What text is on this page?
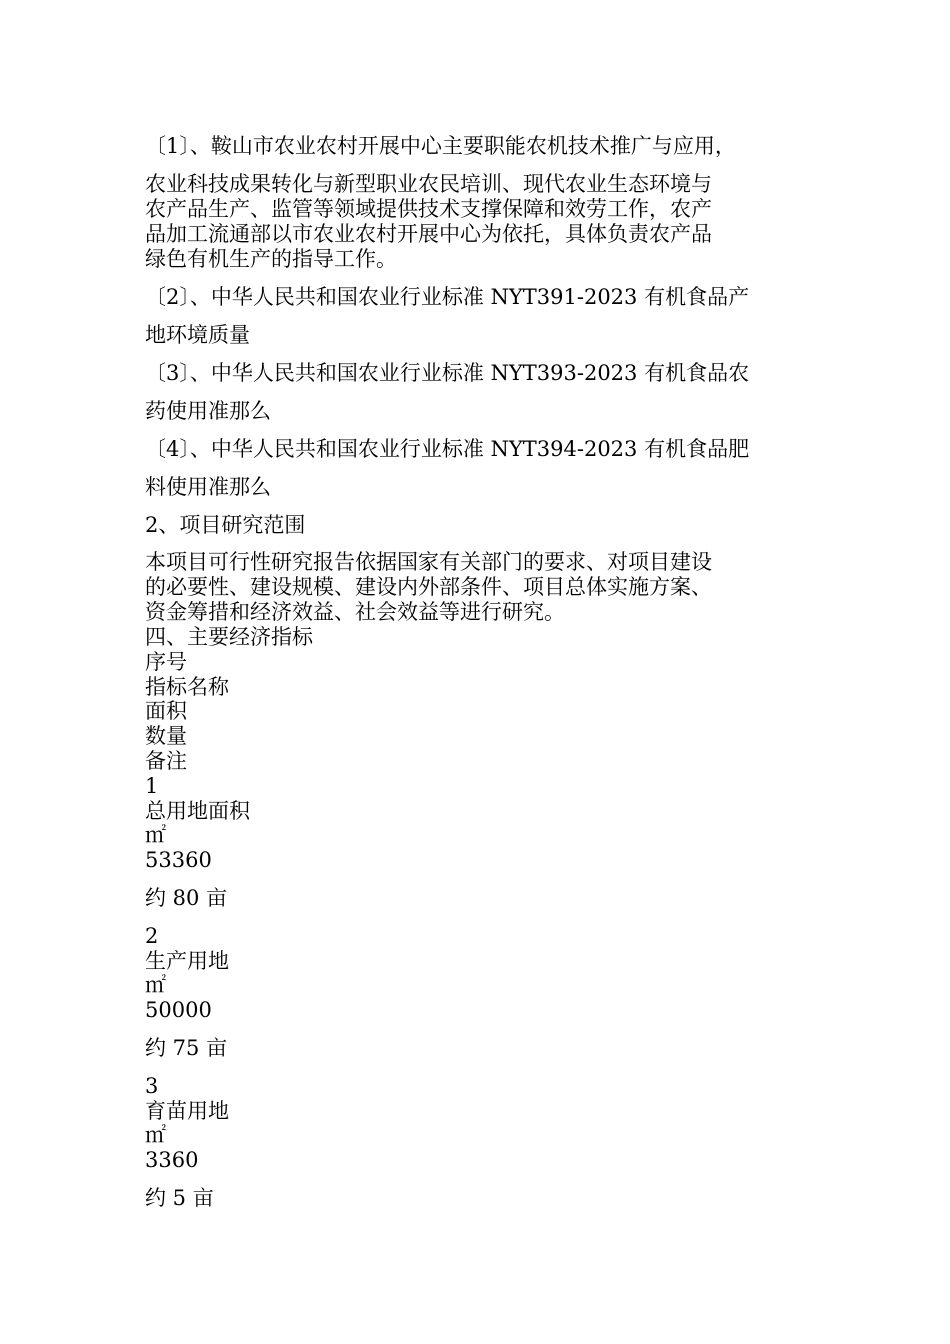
〔1〕、鞍山市农业农村开展中心主要职能农机技术推广与应用，

农业科技成果转化与新型职业农民培训、现代农业生态环境与
农产品生产、监管等领域提供技术支撑保障和效劳工作，农产
品加工流通部以市农业农村开展中心为依托，具体负责农产品
绿色有机生产的指导工作。

〔2〕、中华人民共和国农业行业标准 NYT391-2023 有机食品产
地环境质量

〔3〕、中华人民共和国农业行业标准 NYT393-2023 有机食品农
药使用准那么

〔4〕、中华人民共和国农业行业标准 NYT394-2023 有机食品肥
料使用准那么

2、项目研究范围

本项目可行性研究报告依据国家有关部门的要求、对项目建设
的必要性、建设规模、建设内外部条件、项目总体实施方案、
资金筹措和经济效益、社会效益等进行研究。

四、主要经济指标

序号

指标名称

面积

数量

备注

1

总用地面积

㎡

53360

约 80 亩

2

生产用地

㎡

50000

约 75 亩

3

育苗用地

㎡

3360

约 5 亩
